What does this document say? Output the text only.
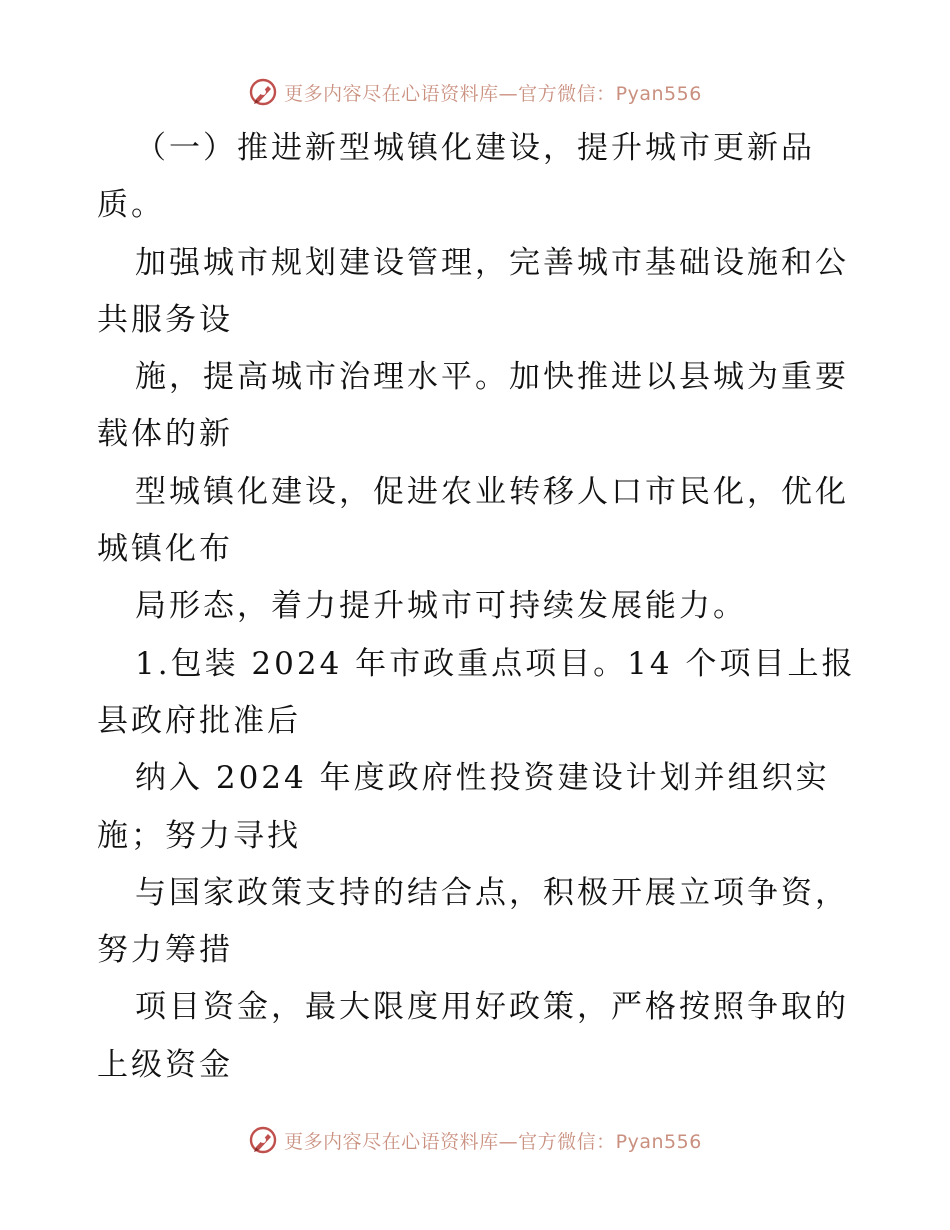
更多内容尽在心语资料库—官方微信：Pyan556

（一）推进新型城镇化建设，提升城市更新品

质。

加强城市规划建设管理，完善城市基础设施和公

共服务设

施，提高城市治理水平。加快推进以县城为重要

载体的新

型城镇化建设，促进农业转移人口市民化，优化

城镇化布

局形态，着力提升城市可持续发展能力。

1.包装 2024 年市政重点项目。14 个项目上报

县政府批准后

纳入 2024 年度政府性投资建设计划并组织实

施；努力寻找

与国家政策支持的结合点，积极开展立项争资，

努力筹措

项目资金，最大限度用好政策，严格按照争取的

上级资金

更多内容尽在心语资料库—官方微信：Pyan556
